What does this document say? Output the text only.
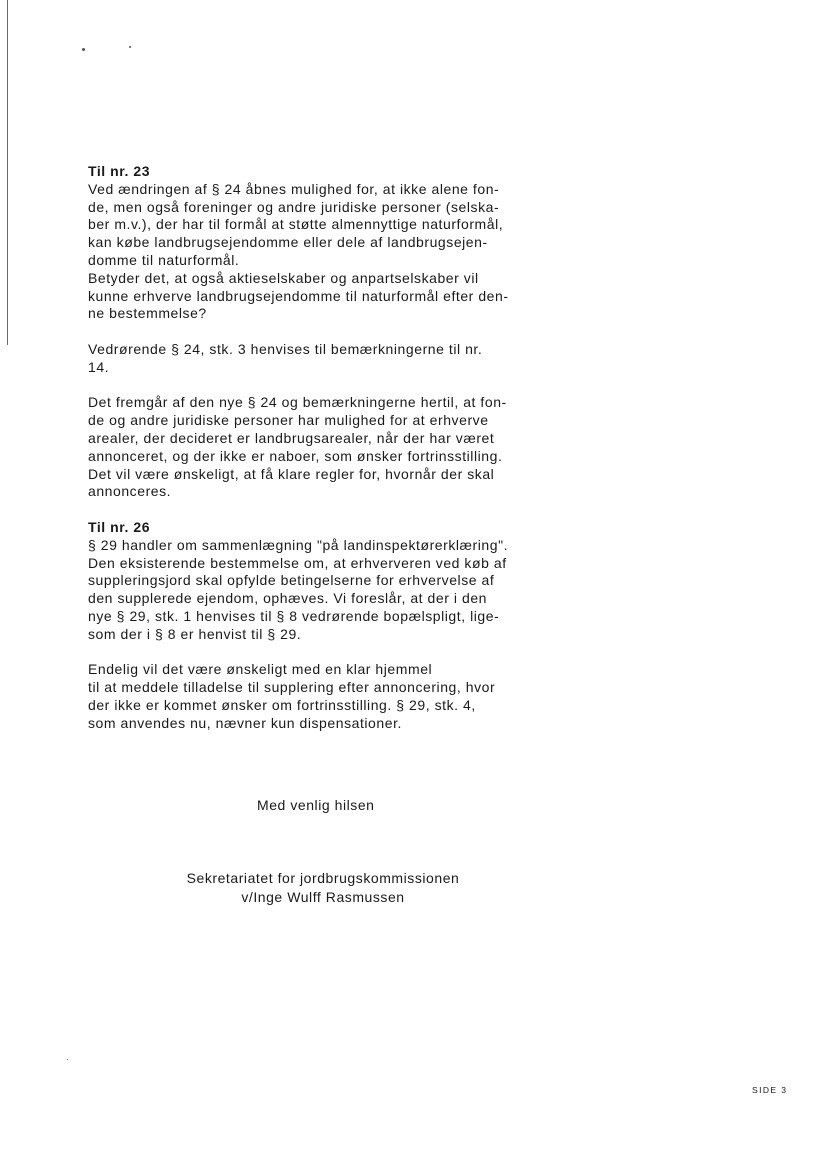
Til nr. 23
Ved ændringen af § 24 åbnes mulighed for, at ikke alene fon-
de, men også foreninger og andre juridiske personer (selska-
ber m.v.), der har til formål at støtte almennyttige naturformål,
kan købe landbrugsejendomme eller dele af landbrugsejen-
domme til naturformål.
Betyder det, at også aktieselskaber og anpartselskaber vil
kunne erhverve landbrugsejendomme til naturformål efter den-
ne bestemmelse?
Vedrørende § 24, stk. 3 henvises til bemærkningerne til nr.
14.
Det fremgår af den nye § 24 og bemærkningerne hertil, at fon-
de og andre juridiske personer har mulighed for at erhverve
arealer, der decideret er landbrugsarealer, når der har været
annonceret, og der ikke er naboer, som ønsker fortrinsstilling.
Det vil være ønskeligt, at få klare regler for, hvornår der skal
annonceres.
Til nr. 26
§ 29 handler om sammenlægning "på landinspektørerklæring".
Den eksisterende bestemmelse om, at erhververen ved køb af
suppleringsjord skal opfylde betingelserne for erhvervelse af
den supplerede ejendom, ophæves. Vi foreslår, at der i den
nye § 29, stk. 1 henvises til § 8 vedrørende bopælspligt, lige-
som der i § 8 er henvist til § 29.
Endelig vil det være ønskeligt med en klar hjemmel
til at meddele tilladelse til supplering efter annoncering, hvor
der ikke er kommet ønsker om fortrinsstilling. § 29, stk. 4,
som anvendes nu, nævner kun dispensationer.
Med venlig hilsen
Sekretariatet for jordbrugskommissionen
v/Inge Wulff Rasmussen
SIDE 3
